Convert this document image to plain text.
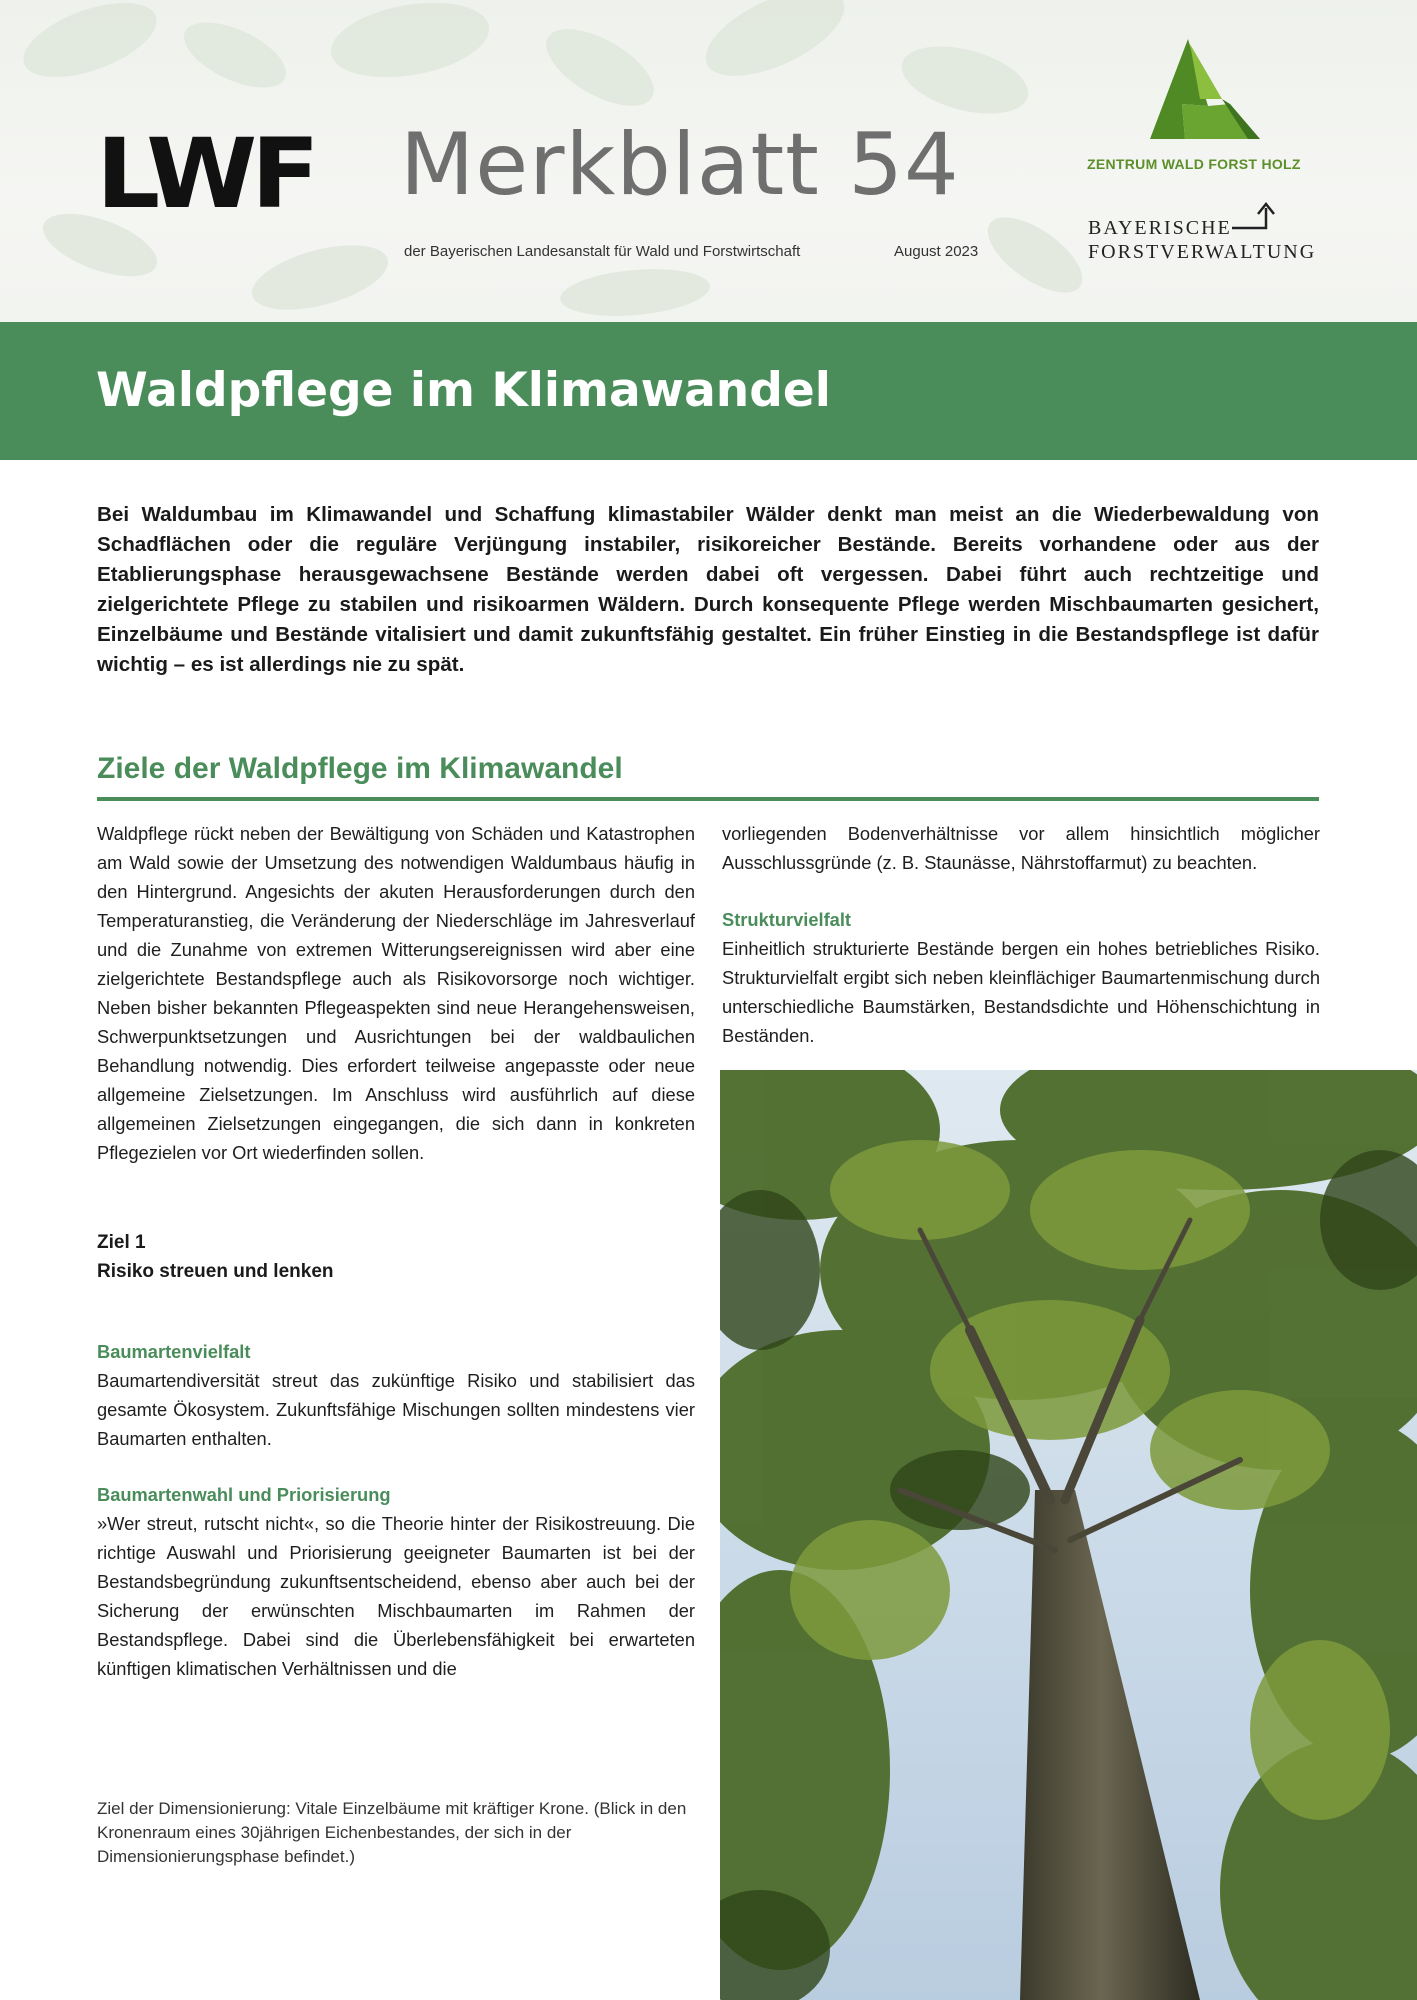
LWF Merkblatt 54
der Bayerischen Landesanstalt für Wald und Forstwirtschaft	August 2023
ZENTRUM WALD FORST HOLZ
BAYERISCHE
FORSTVERWALTUNG
Waldpflege im Klimawandel

Bei Waldumbau im Klimawandel und Schaffung klimastabiler Wälder denkt man meist an die Wiederbewaldung von Schadflächen oder die reguläre Verjüngung instabiler, risikoreicher Bestände. Bereits vorhandene oder aus der Etablierungsphase herausgewachsene Bestände werden dabei oft vergessen. Dabei führt auch rechtzeitige und zielgerichtete Pflege zu stabilen und risikoarmen Wäldern. Durch konsequente Pflege werden Mischbaumarten gesichert, Einzelbäume und Bestände vitalisiert und damit zukunftsfähig gestaltet. Ein früher Einstieg in die Bestandspflege ist dafür wichtig – es ist allerdings nie zu spät.

Ziele der Waldpflege im Klimawandel

Waldpflege rückt neben der Bewältigung von Schäden und Katastrophen am Wald sowie der Umsetzung des notwendigen Waldumbaus häufig in den Hintergrund. Angesichts der akuten Herausforderungen durch den Temperaturanstieg, die Veränderung der Niederschläge im Jahresverlauf und die Zunahme von extremen Witterungsereignissen wird aber eine zielgerichtete Bestandspflege auch als Risikovorsorge noch wichtiger. Neben bisher bekannten Pflegeaspekten sind neue Herangehensweisen, Schwerpunktsetzungen und Ausrichtungen bei der waldbaulichen Behandlung notwendig. Dies erfordert teilweise angepasste oder neue allgemeine Zielsetzungen. Im Anschluss wird ausführlich auf diese allgemeinen Zielsetzungen eingegangen, die sich dann in konkreten Pflegezielen vor Ort wiederfinden sollen.

Ziel 1
Risiko streuen und lenken
Baumartenvielfalt

Baumartendiversität streut das zukünftige Risiko und stabilisiert das gesamte Ökosystem. Zukunftsfähige Mischungen sollten mindestens vier Baumarten enthalten.

Baumartenwahl und Priorisierung

»Wer streut, rutscht nicht«, so die Theorie hinter der Risikostreuung. Die richtige Auswahl und Priorisierung geeigneter Baumarten ist bei der Bestandsbegründung zukunftsentscheidend, ebenso aber auch bei der Sicherung der erwünschten Mischbaumarten im Rahmen der Bestandspflege. Dabei sind die Überlebensfähigkeit bei erwarteten künftigen klimatischen Verhältnissen und die

vorliegenden Bodenverhältnisse vor allem hinsichtlich möglicher Ausschlussgründe (z. B. Staunässe, Nährstoffarmut) zu beachten.

Strukturvielfalt

Einheitlich strukturierte Bestände bergen ein hohes betriebliches Risiko. Strukturvielfalt ergibt sich neben kleinflächiger Baumartenmischung durch unterschiedliche Baumstärken, Bestandsdichte und Höhenschichtung in Beständen.

Ziel der Dimensionierung: Vitale Einzelbäume mit kräftiger Krone. (Blick in den Kronenraum eines 30jährigen Eichenbestandes, der sich in der Dimensionierungsphase befindet.)
